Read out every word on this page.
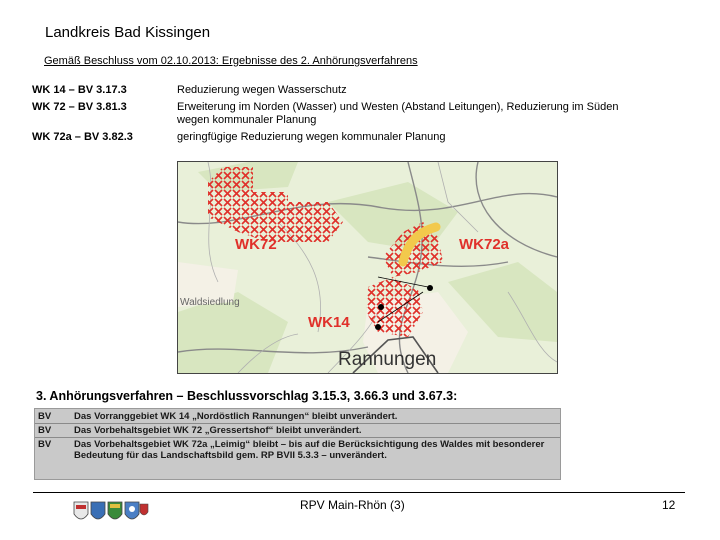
Landkreis Bad Kissingen
Gemäß Beschluss vom 02.10.2013: Ergebnisse des 2. Anhörungsverfahrens
WK 14 – BV 3.17.3	Reduzierung wegen Wasserschutz
WK 72 – BV 3.81.3	Erweiterung im Norden (Wasser) und Westen (Abstand Leitungen), Reduzierung im Süden wegen kommunaler Planung
WK 72a – BV 3.82.3	geringfügige Reduzierung wegen kommunaler Planung
WK72	WK72a
WK14
Waldsiedlung
Rannungen
3. Anhörungsverfahren – Beschlussvorschlag 3.15.3, 3.66.3 und 3.67.3:
BV Das Vorranggebiet WK 14 „Nordöstlich Rannungen“ bleibt unverändert.
BV Das Vorbehaltsgebiet WK 72 „Gressertshof“ bleibt unverändert.
BV Das Vorbehaltsgebiet WK 72a „Leimig“ bleibt – bis auf die Berücksichtigung des Waldes mit besonderer Bedeutung für das Landschaftsbild gem. RP BVII 5.3.3 – unverändert.
RPV Main-Rhön (3)	12
